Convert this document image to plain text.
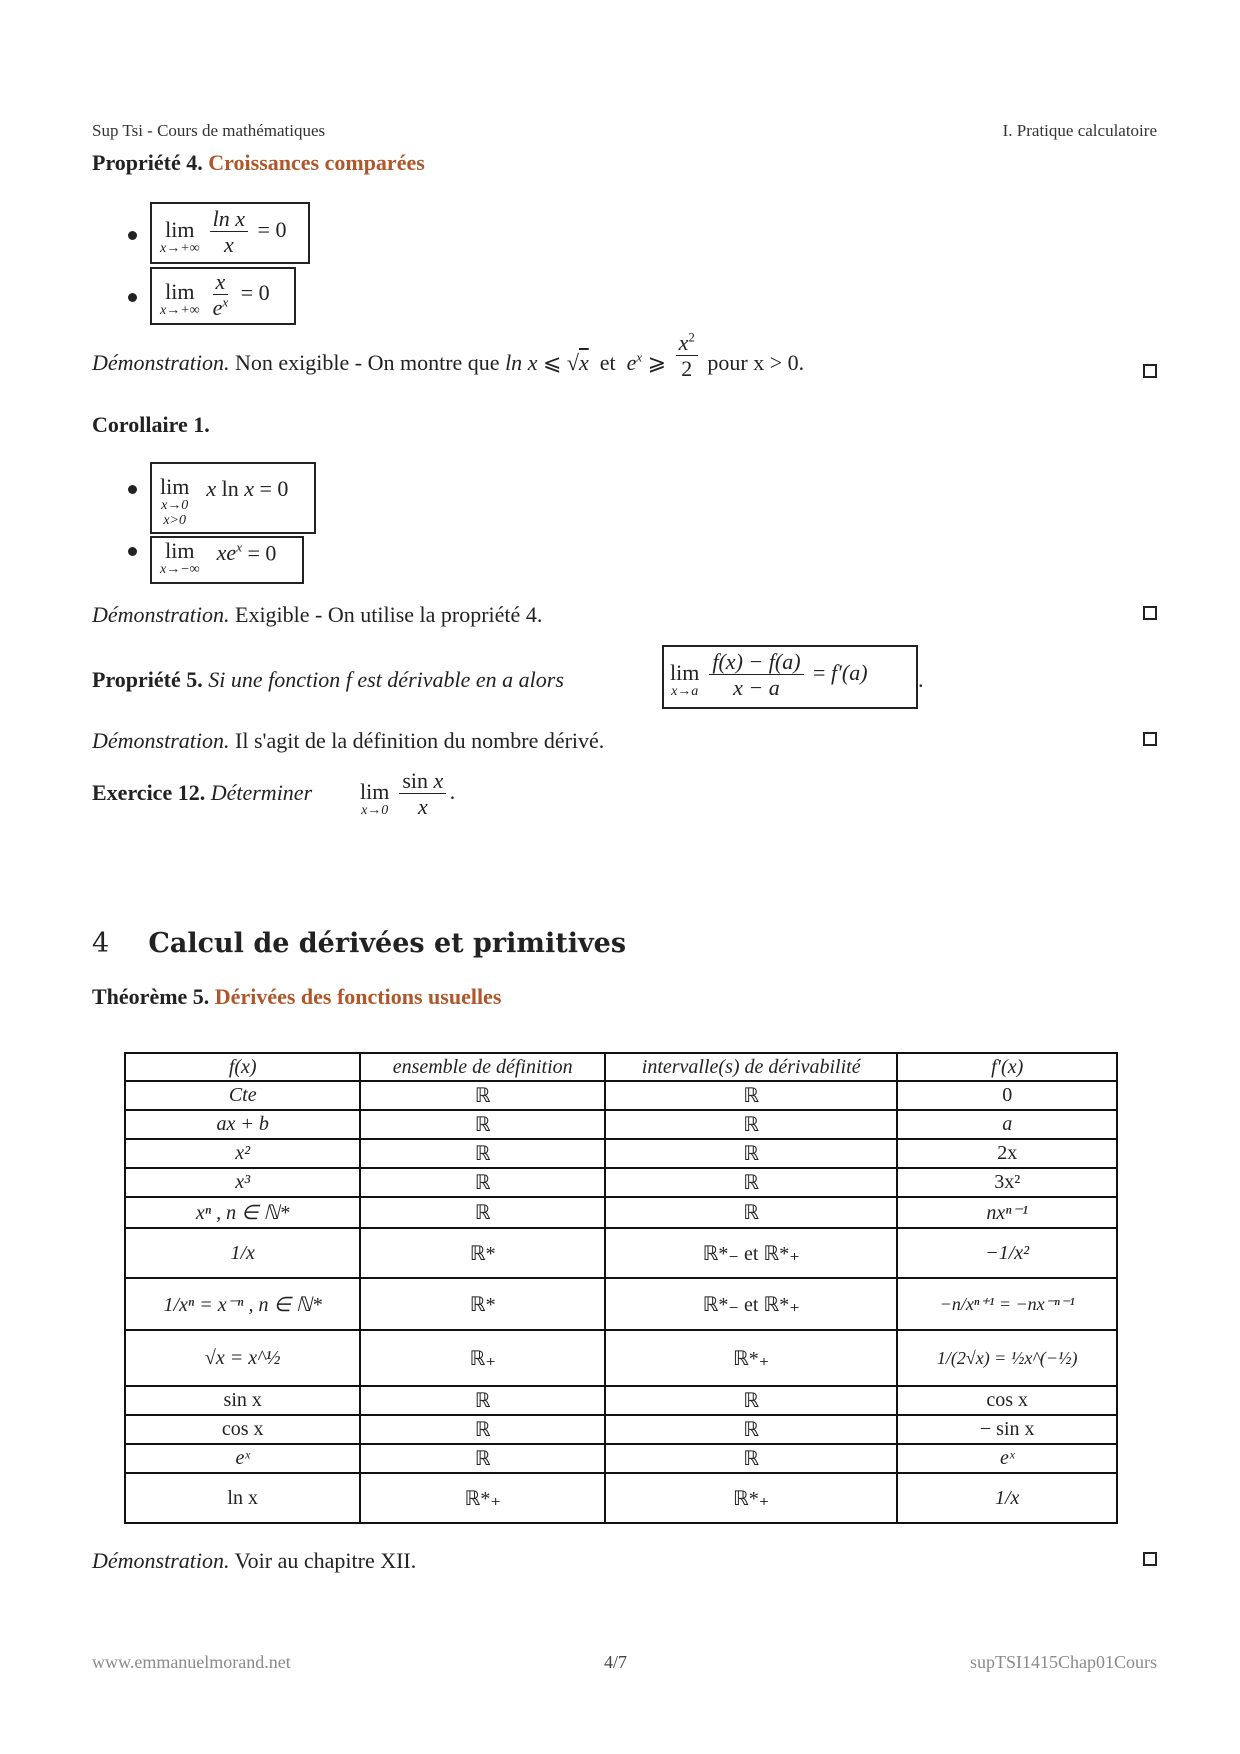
Sup Tsi - Cours de mathématiques	I. Pratique calculatoire
Propriété 4. Croissances comparées
lim
$x\to+\infty \frac{\text{ln x}}{x} = 0$
lim
$x\to+\infty \frac{x}{e^x} = 0$
Démonstration. Non exigible - On montre que ln x ⩽ √x et $e^x$ ⩾ $\frac{x^2}{2}$ pour x > 0.
Corollaire 1.
lim
x→0
x>0
x ln x = 0
lim
x→−∞
$xe^x = 0$
Démonstration. Exigible - On utilise la propriété 4.
Propriété 5. Si une fonction f est dérivable en a alors	lim
$x\to a \frac{f(x) - f(a)}{x - a} = f'(a)$ .
Démonstration. Il s'agit de la définition du nombre dérivé.
Exercice 12. Déterminer lim
$x\to 0 \frac{\text{sin x}}{x}$ .
4 Calcul de dérivées et primitives
Théorème 5. Dérivées des fonctions usuelles
f(x)	ensemble de définition	intervalle(s) de dérivabilité	f′(x)
Cte	ℝ	ℝ	0
ax + b	ℝ	ℝ	a
x²	ℝ	ℝ	2x
x³	ℝ	ℝ	3x²
xⁿ , n ∈ ℕ*	ℝ	ℝ	nxⁿ⁻¹
1/x	ℝ*	ℝ*₋ et ℝ*₊	−1/x²
1/xⁿ = x⁻ⁿ , n ∈ ℕ*	ℝ*	ℝ*₋ et ℝ*₊	−n/xⁿ⁺¹ = −nx⁻ⁿ⁻¹
√x = x^½	ℝ₊	ℝ*₊	1/(2√x) = ½x^(−½)
sin x	ℝ	ℝ	cos x
cos x	ℝ	ℝ	− sin x
eˣ	ℝ	ℝ	eˣ
ln x	ℝ*₊	ℝ*₊	1/x
Démonstration. Voir au chapitre XII.
www.emmanuelmorand.net	4/7	supTSI1415Chap01Cours
